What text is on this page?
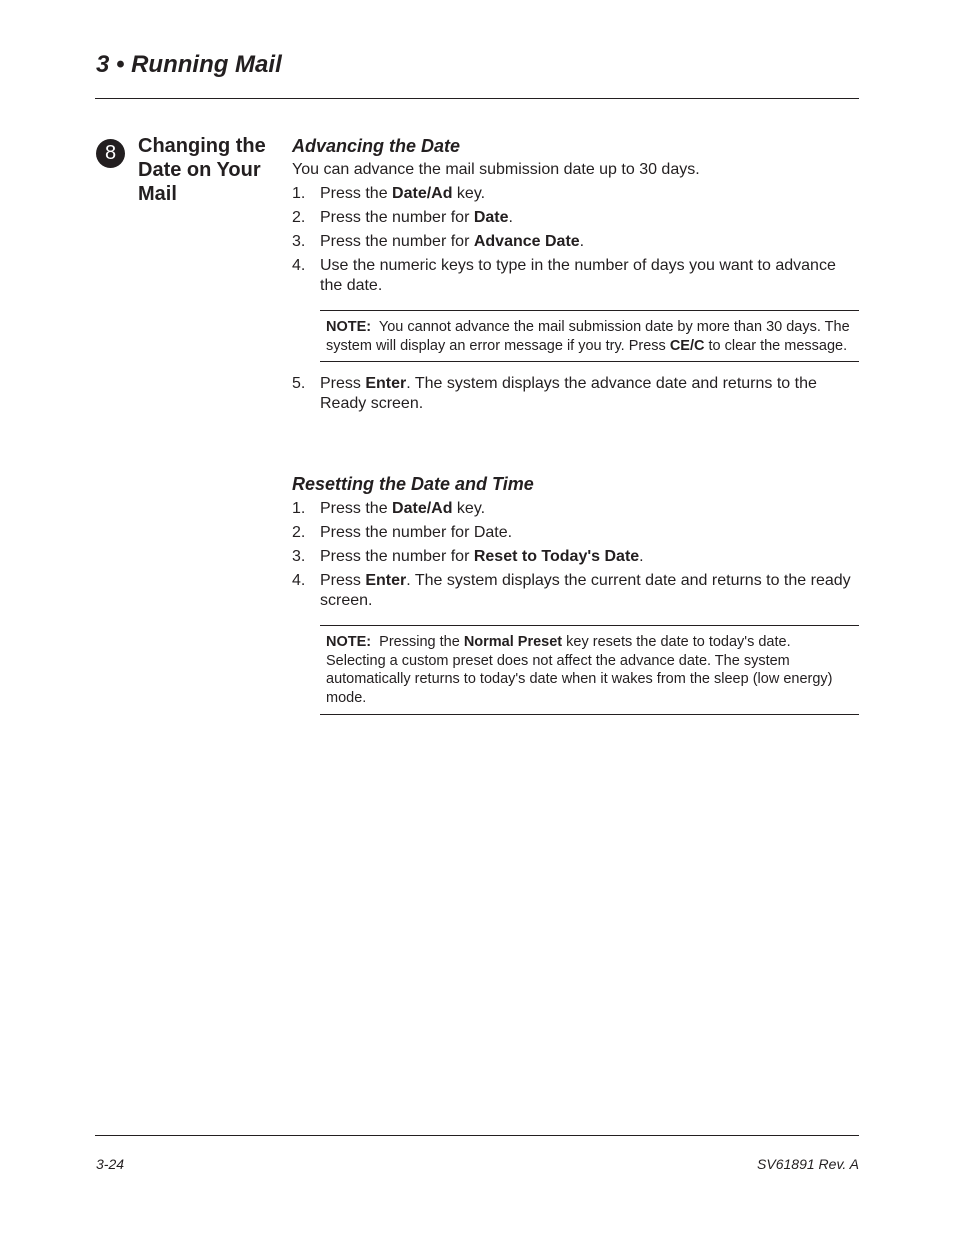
3 • Running Mail
8	Changing the
Date on Your
Mail
Advancing the Date

You can advance the mail submission date up to 30 days.

1. Press the Date/Ad key.
2. Press the number for Date.
3. Press the number for Advance Date.
4. Use the numeric keys to type in the number of days you want to advance the date.
NOTE: You cannot advance the mail submission date by more than 30 days. The system will display an error message if you try. Press CE/C to clear the message.
5. Press Enter. The system displays the advance date and returns to the Ready screen.
Resetting the Date and Time
1. Press the Date/Ad key.
2. Press the number for Date.
3. Press the number for Reset to Today's Date.
4. Press Enter. The system displays the current date and returns to the ready screen.
NOTE: Pressing the Normal Preset key resets the date to today's date. Selecting a custom preset does not affect the advance date. The system automatically returns to today's date when it wakes from the sleep (low energy) mode.
3-24	SV61891 Rev. A
